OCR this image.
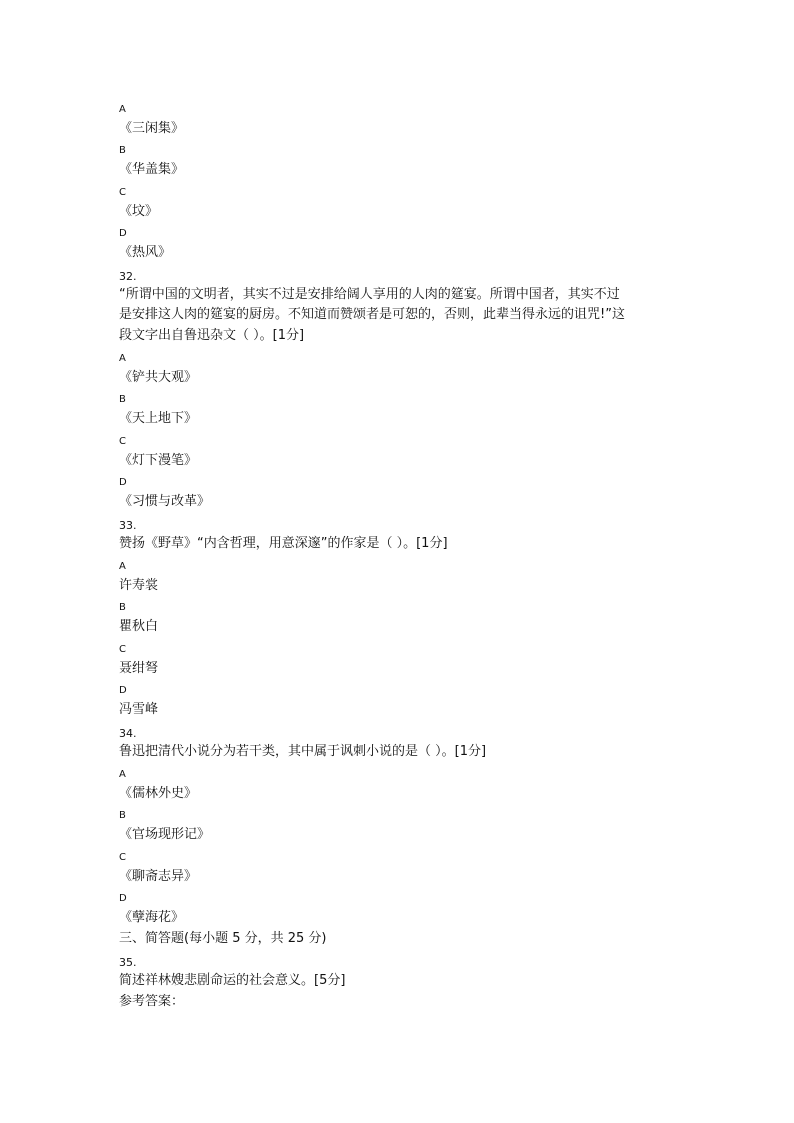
A
《三闲集》
B
《华盖集》
C
《坟》
D
《热风》
32.
“所谓中国的文明者，其实不过是安排给阔人享用的人肉的筵宴。所谓中国者，其实不过
是安排这人肉的筵宴的厨房。不知道而赞颂者是可恕的，否则，此辈当得永远的诅咒!”这
段文字出自鲁迅杂文（ ）。[1分]
A
《铲共大观》
B
《天上地下》
C
《灯下漫笔》
D
《习惯与改革》
33.
赞扬《野草》“内含哲理，用意深邃”的作家是（ ）。[1分]
A
许寿裳
B
瞿秋白
C
聂绀弩
D
冯雪峰
34.
鲁迅把清代小说分为若干类，其中属于讽刺小说的是（ ）。[1分]
A
《儒林外史》
B
《官场现形记》
C
《聊斋志异》
D
《孽海花》
三、简答题(每小题 5 分，共 25 分)
35.
简述祥林嫂悲剧命运的社会意义。[5分]
参考答案：
